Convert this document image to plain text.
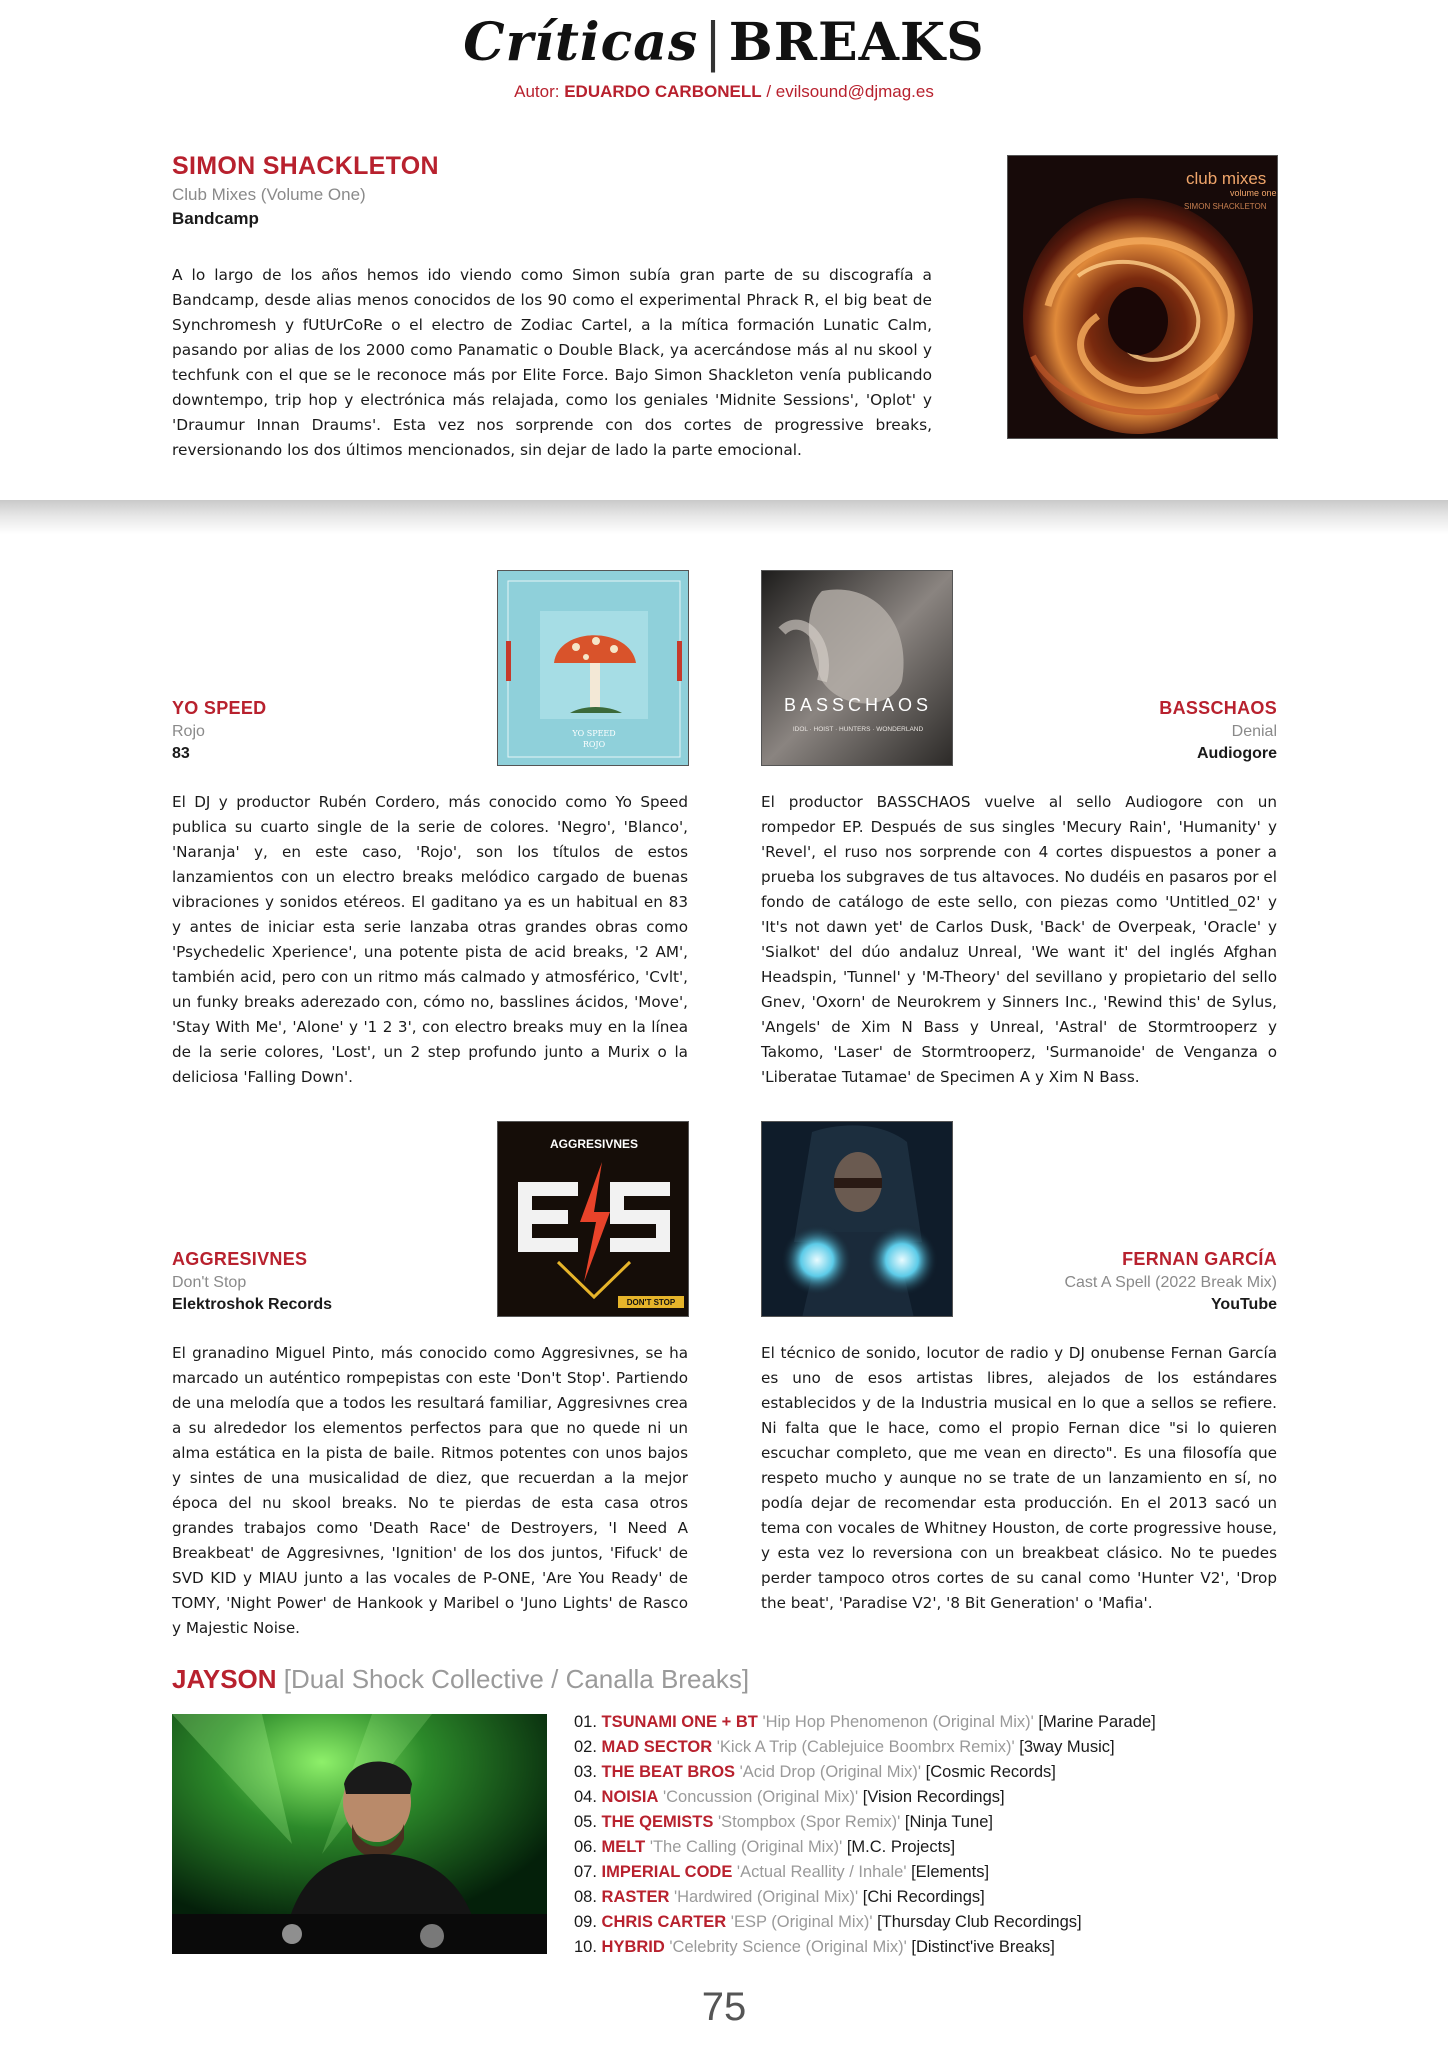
Críticas | BREAKS
Autor: EDUARDO CARBONELL / evilsound@djmag.es
SIMON SHACKLETON
Club Mixes (Volume One)
Bandcamp

A lo largo de los años hemos ido viendo como Simon subía gran parte de su discografía a Bandcamp, desde alias menos conocidos de los 90 como el experimental Phrack R, el big beat de Synchromesh y fUtUrCoRe o el electro de Zodiac Cartel, a la mítica formación Lunatic Calm, pasando por alias de los 2000 como Panamatic o Double Black, ya acercándose más al nu skool y techfunk con el que se le reconoce más por Elite Force. Bajo Simon Shackleton venía publicando downtempo, trip hop y electrónica más relajada, como los geniales 'Midnite Sessions', 'Oplot' y 'Draumur Innan Draums'. Esta vez nos sorprende con dos cortes de progressive breaks, reversionando los dos últimos mencionados, sin dejar de lado la parte emocional.

club mixes
volume one
SIMON SHACKLETON
YO SPEED
ROJO
YO SPEED
Rojo
83

El DJ y productor Rubén Cordero, más conocido como Yo Speed publica su cuarto single de la serie de colores. 'Negro', 'Blanco', 'Naranja' y, en este caso, 'Rojo', son los títulos de estos lanzamientos con un electro breaks melódico cargado de buenas vibraciones y sonidos etéreos. El gaditano ya es un habitual en 83 y antes de iniciar esta serie lanzaba otras grandes obras como 'Psychedelic Xperience', una potente pista de acid breaks, '2 AM', también acid, pero con un ritmo más calmado y atmosférico, 'Cvlt', un funky breaks aderezado con, cómo no, basslines ácidos, 'Move', 'Stay With Me', 'Alone' y '1 2 3', con electro breaks muy en la línea de la serie colores, 'Lost', un 2 step profundo junto a Murix o la deliciosa 'Falling Down'.

BASSCHAOS
IDOL · HOIST · HUNTERS · WONDERLAND
BASSCHAOS
Denial
Audiogore

El productor BASSCHAOS vuelve al sello Audiogore con un rompedor EP. Después de sus singles 'Mecury Rain', 'Humanity' y 'Revel', el ruso nos sorprende con 4 cortes dispuestos a poner a prueba los subgraves de tus altavoces. No dudéis en pasaros por el fondo de catálogo de este sello, con piezas como 'Untitled_02' y 'It's not dawn yet' de Carlos Dusk, 'Back' de Overpeak, 'Oracle' y 'Sialkot' del dúo andaluz Unreal, 'We want it' del inglés Afghan Headspin, 'Tunnel' y 'M-Theory' del sevillano y propietario del sello Gnev, 'Oxorn' de Neurokrem y Sinners Inc., 'Rewind this' de Sylus, 'Angels' de Xim N Bass y Unreal, 'Astral' de Stormtrooperz y Takomo, 'Laser' de Stormtrooperz, 'Surmanoide' de Venganza o 'Liberatae Tutamae' de Specimen A y Xim N Bass.

AGGRESIVNES
DON'T STOP
AGGRESIVNES
Don't Stop
Elektroshok Records

El granadino Miguel Pinto, más conocido como Aggresivnes, se ha marcado un auténtico rompepistas con este 'Don't Stop'. Partiendo de una melodía que a todos les resultará familiar, Aggresivnes crea a su alrededor los elementos perfectos para que no quede ni un alma estática en la pista de baile. Ritmos potentes con unos bajos y sintes de una musicalidad de diez, que recuerdan a la mejor época del nu skool breaks. No te pierdas de esta casa otros grandes trabajos como 'Death Race' de Destroyers, 'I Need A Breakbeat' de Aggresivnes, 'Ignition' de los dos juntos, 'Fifuck' de SVD KID y MIAU junto a las vocales de P-ONE, 'Are You Ready' de TOMY, 'Night Power' de Hankook y Maribel o 'Juno Lights' de Rasco y Majestic Noise.

FERNAN GARCÍA
Cast A Spell (2022 Break Mix)
YouTube

El técnico de sonido, locutor de radio y DJ onubense Fernan García es uno de esos artistas libres, alejados de los estándares establecidos y de la Industria musical en lo que a sellos se refiere. Ni falta que le hace, como el propio Fernan dice "si lo quieren escuchar completo, que me vean en directo". Es una filosofía que respeto mucho y aunque no se trate de un lanzamiento en sí, no podía dejar de recomendar esta producción. En el 2013 sacó un tema con vocales de Whitney Houston, de corte progressive house, y esta vez lo reversiona con un breakbeat clásico. No te puedes perder tampoco otros cortes de su canal como 'Hunter V2', 'Drop the beat', 'Paradise V2', '8 Bit Generation' o 'Mafia'.

JAYSON [Dual Shock Collective / Canalla Breaks]
01. TSUNAMI ONE + BT 'Hip Hop Phenomenon (Original Mix)' [Marine Parade]
02. MAD SECTOR 'Kick A Trip (Cablejuice Boombrx Remix)' [3way Music]
03. THE BEAT BROS 'Acid Drop (Original Mix)' [Cosmic Records]
04. NOISIA 'Concussion (Original Mix)' [Vision Recordings]
05. THE QEMISTS 'Stompbox (Spor Remix)' [Ninja Tune]
06. MELT 'The Calling (Original Mix)' [M.C. Projects]
07. IMPERIAL CODE 'Actual Reallity / Inhale' [Elements]
08. RASTER 'Hardwired (Original Mix)' [Chi Recordings]
09. CHRIS CARTER 'ESP (Original Mix)' [Thursday Club Recordings]
10. HYBRID 'Celebrity Science (Original Mix)' [Distinct'ive Breaks]
75
